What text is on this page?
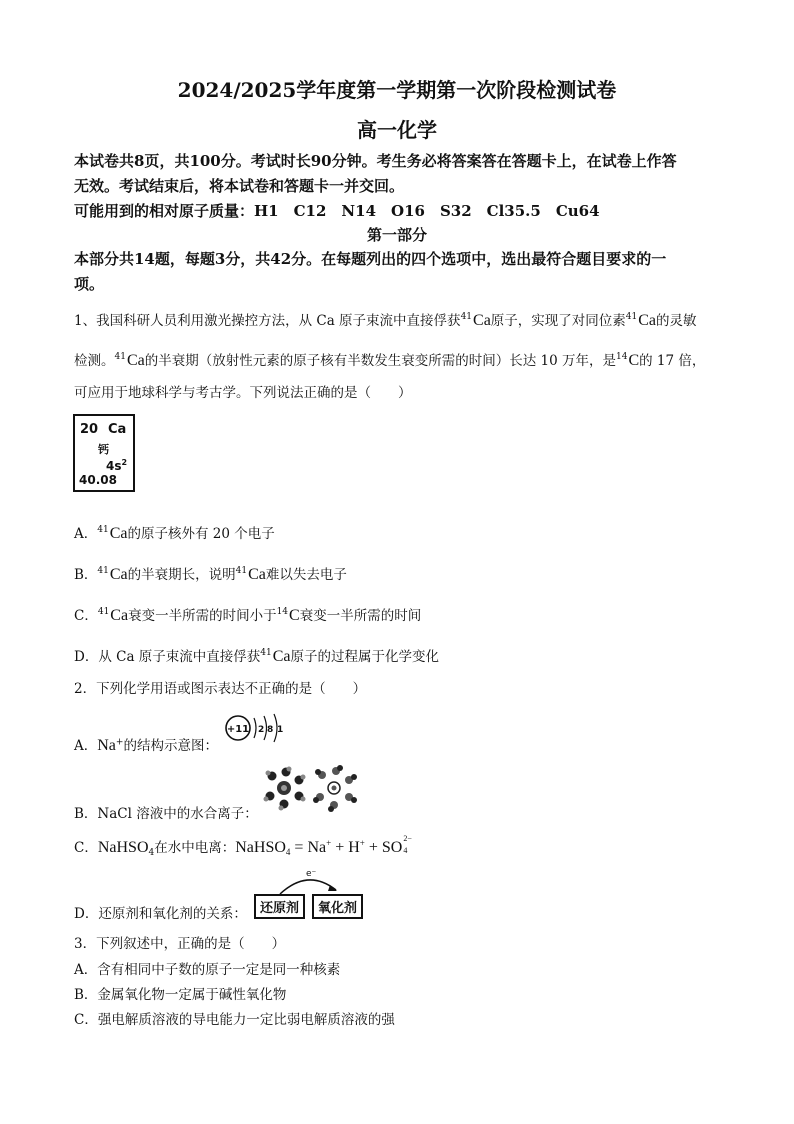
2024/2025学年度第一学期第一次阶段检测试卷
高一化学
本试卷共8页，共100分。考试时长90分钟。考生务必将答案答在答题卡上，在试卷上作答
无效。考试结束后，将本试卷和答题卡一并交回。
可能用到的相对原子质量：H1　C12　N14　O16　S32　Cl35.5　Cu64
第一部分
本部分共14题，每题3分，共42分。在每题列出的四个选项中，选出最符合题目要求的一
项。
1、我国科研人员利用激光操控方法，从 Ca 原子束流中直接俘获$^{41}$Ca原子，实现了对同位素$^{41}$Ca的灵敏
检测。$^{41}$Ca的半衰期（放射性元素的原子核有半数发生衰变所需的时间）长达 10 万年，是$^{14}$C的 17 倍，
可应用于地球科学与考古学。下列说法正确的是（　　）
20 Ca
钙
$4s^2$
40.08
A．$^{41}$Ca的原子核外有 20 个电子
B．$^{41}$Ca的半衰期长，说明$^{41}$Ca难以失去电子
C．$^{41}$Ca衰变一半所需的时间小于$^{14}$C衰变一半所需的时间
D．从 Ca 原子束流中直接俘获$^{41}$Ca原子的过程属于化学变化
2．下列化学用语或图示表达不正确的是（　　）
A．Na+的结构示意图：
+11 2 8 1
B．NaCl 溶液中的水合离子：
C．NaHSO$_4$在水中电离：NaHSO$_4$ = Na+ + H+ + SO
2−
4
D．还原剂和氧化剂的关系：
e⁻
还原剂	氧化剂
3．下列叙述中，正确的是（　　）
A．含有相同中子数的原子一定是同一种核素
B．金属氧化物一定属于碱性氧化物
C．强电解质溶液的导电能力一定比弱电解质溶液的强
